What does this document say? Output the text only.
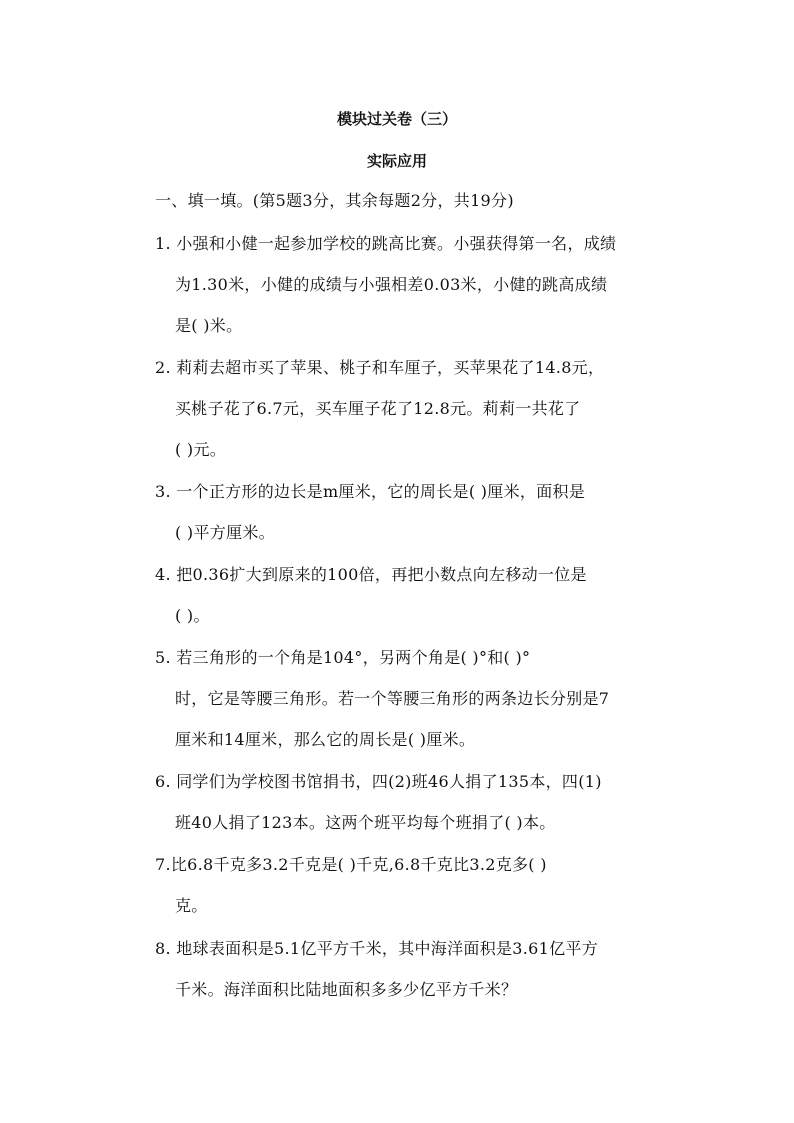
模块过关卷（三）
实际应用
一、填一填。(第5题3分，其余每题2分，共19分)
1. 小强和小健一起参加学校的跳高比赛。小强获得第一名，成绩
为1.30米，小健的成绩与小强相差0.03米，小健的跳高成绩
是( )米。
2. 莉莉去超市买了苹果、桃子和车厘子，买苹果花了14.8元，
买桃子花了6.7元，买车厘子花了12.8元。莉莉一共花了
( )元。
3. 一个正方形的边长是m厘米，它的周长是( )厘米，面积是
( )平方厘米。
4. 把0.36扩大到原来的100倍，再把小数点向左移动一位是
( )。
5. 若三角形的一个角是104°，另两个角是( )°和( )°
时，它是等腰三角形。若一个等腰三角形的两条边长分别是7
厘米和14厘米，那么它的周长是( )厘米。
6. 同学们为学校图书馆捐书，四(2)班46人捐了135本，四(1)
班40人捐了123本。这两个班平均每个班捐了( )本。
7.比6.8千克多3.2千克是( )千克,6.8千克比3.2克多( )
克。
8. 地球表面积是5.1亿平方千米，其中海洋面积是3.61亿平方
千米。海洋面积比陆地面积多多少亿平方千米？
